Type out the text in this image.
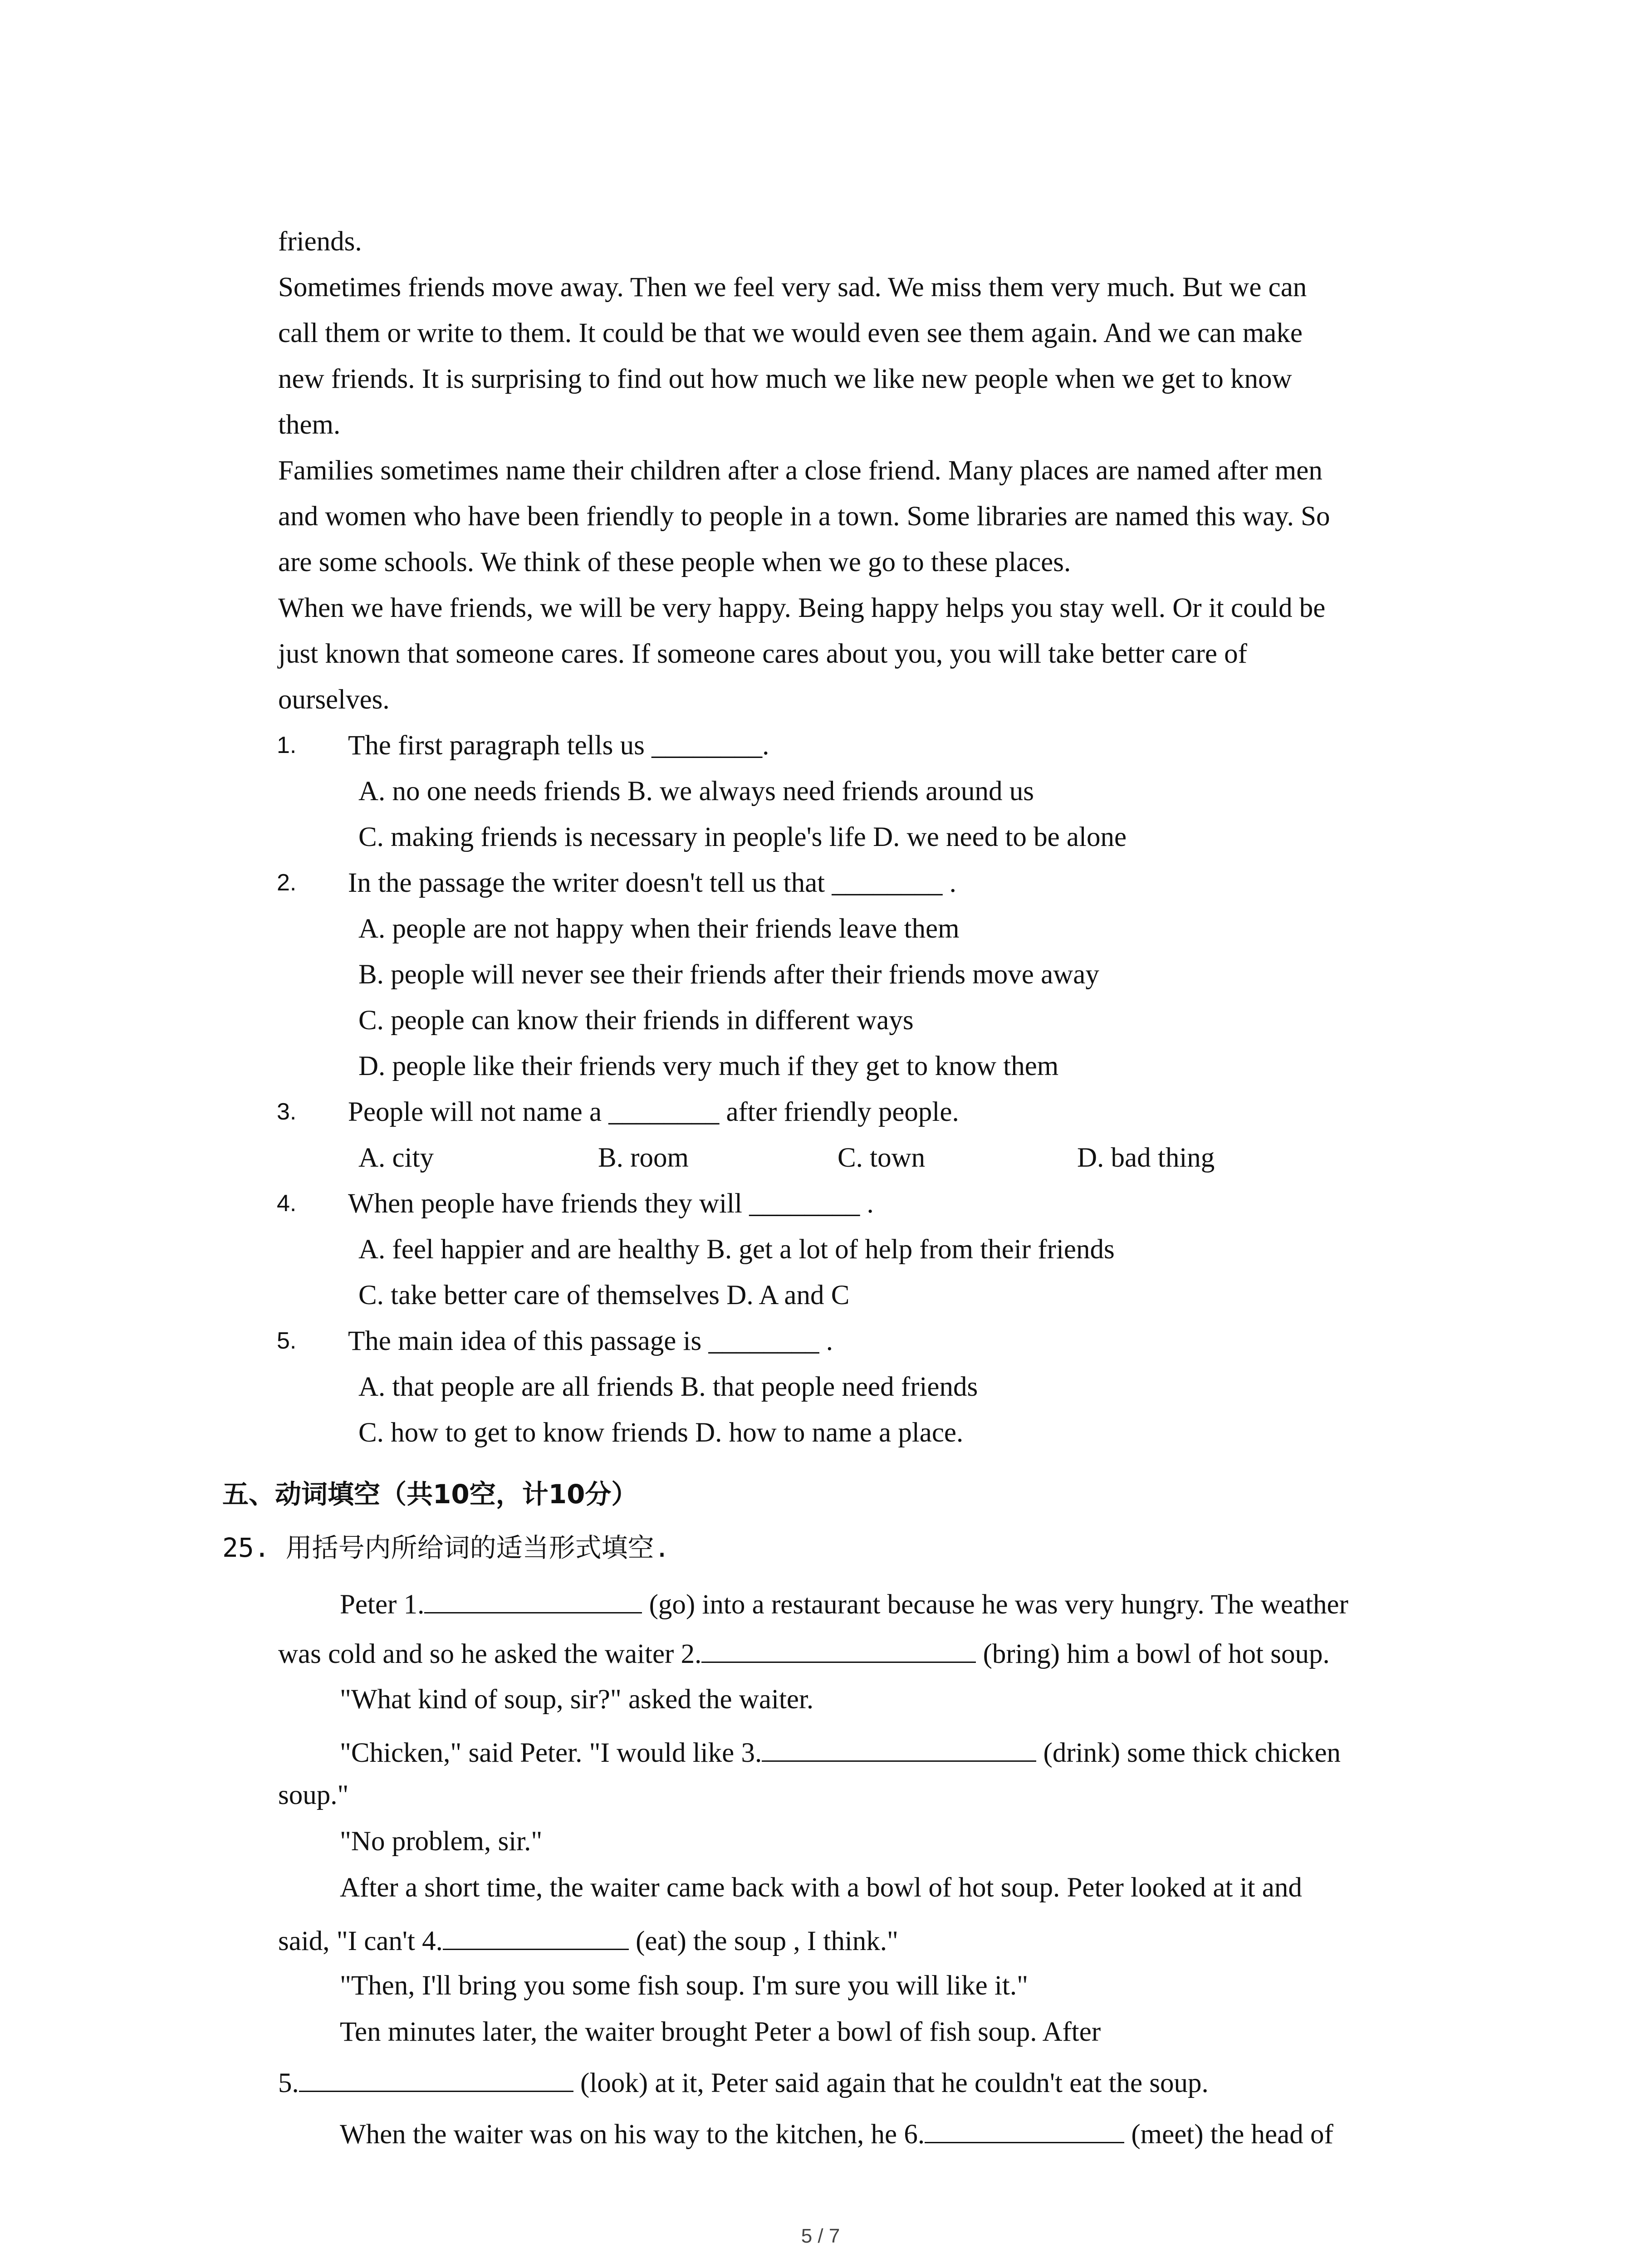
friends.
Sometimes friends move away. Then we feel very sad. We miss them very much. But we can
call them or write to them. It could be that we would even see them again. And we can make
new friends. It is surprising to find out how much we like new people when we get to know
them.
Families sometimes name their children after a close friend. Many places are named after men
and women who have been friendly to people in a town. Some libraries are named this way. So
are some schools. We think of these people when we go to these places.
When we have friends, we will be very happy. Being happy helps you stay well. Or it could be
just known that someone cares. If someone cares about you, you will take better care of
ourselves.
1. The first paragraph tells us ________.
A. no one needs friends B. we always need friends around us
C. making friends is necessary in people's life D. we need to be alone
2. In the passage the writer doesn't tell us that ________ .
A. people are not happy when their friends leave them
B. people will never see their friends after their friends move away
C. people can know their friends in different ways
D. people like their friends very much if they get to know them
3. People will not name a ________ after friendly people.
A. city	B. room	C. town	D. bad thing
4. When people have friends they will ________ .
A. feel happier and are healthy B. get a lot of help from their friends
C. take better care of themselves D. A and C
5. The main idea of this passage is ________ .
A. that people are all friends B. that people need friends
C. how to get to know friends D. how to name a place.
五、动词填空（共10空，计10分）
25. 用括号内所给词的适当形式填空.
Peter 1.	(go) into a restaurant because he was very hungry. The weather
was cold and so he asked the waiter 2.	(bring) him a bowl of hot soup.
"What kind of soup, sir?" asked the waiter.
"Chicken," said Peter. "I would like 3.	(drink) some thick chicken
soup."
"No problem, sir."
After a short time, the waiter came back with a bowl of hot soup. Peter looked at it and
said, "I can't 4.	(eat) the soup , I think."
"Then, I'll bring you some fish soup. I'm sure you will like it."
Ten minutes later, the waiter brought Peter a bowl of fish soup. After
5.	(look) at it, Peter said again that he couldn't eat the soup.
When the waiter was on his way to the kitchen, he 6.	(meet) the head of
5 / 7
